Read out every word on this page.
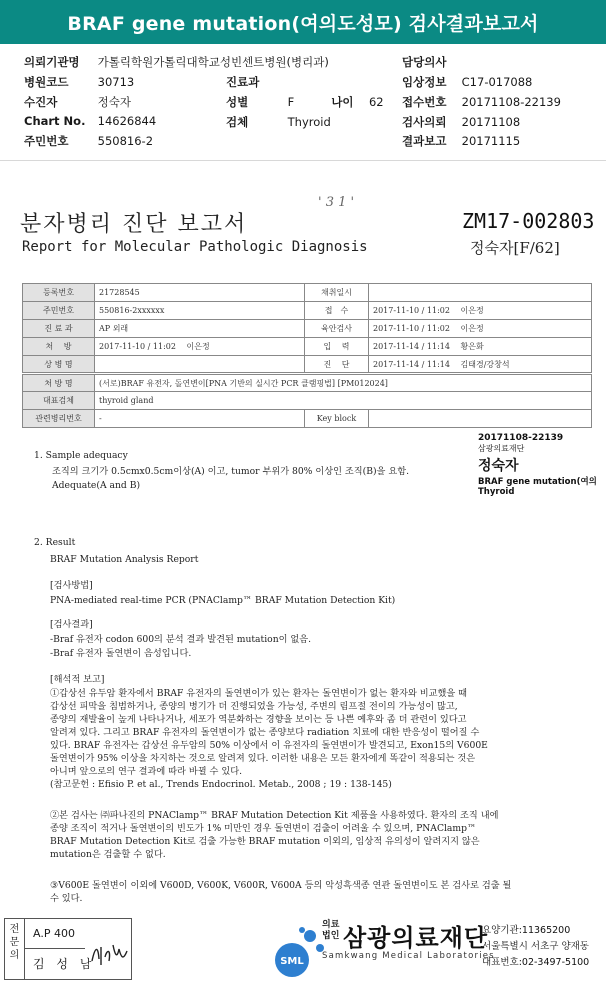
BRAF gene mutation(여의도성모) 검사결과보고서
의뢰기관명 가톨릭학원가톨릭대학교성빈센트병원(병리과)	담당의사
병원코드	30713	진료과	임상정보 C17-017088
수진자	정숙자	성별	F	나이 62 접수번호 20171108-22139
Chart No. 14626844	검체	Thyroid	검사의뢰 20171108
주민번호	550816-2	결과보고 20171115
분자병리 진단 보고서
' 3 1 '
Report for Molecular Pathologic Diagnosis
ZM17-002803
정숙자[F/62]
등록번호	21728545	채취일시	
주민번호	550816-2xxxxxx	접　수	2017-11-10 / 11:02　 이은정
진 료 과	AP 외래	육안검사	2017-11-10 / 11:02　 이은정
처　 방	2017-11-10 / 11:02　 이은정	입　 력	2017-11-14 / 11:14　 황은화
상 병 명		진　 단	2017-11-14 / 11:14　 김태경/강창석
처 방 명	(서로)BRAF 유전자, 돌연변이[PNA 기반의 실시간 PCR 클램핑법] [PM012024]		
대표검체	thyroid gland		
관련병리번호	-	Key block	
1. Sample adequacy
조직의 크기가 0.5cmx0.5cm이상(A) 이고, tumor 부위가 80% 이상인 조직(B)을 요함.
Adequate(A and B)
20171108-22139
삼광의료재단
정숙자
BRAF gene mutation(여의
Thyroid
2. Result
BRAF Mutation Analysis Report
[검사방법]
PNA-mediated real-time PCR (PNAClamp™ BRAF Mutation Detection Kit)
[검사결과]
-Braf 유전자 codon 600의 분석 결과 발견된 mutation이 없음.
-Braf 유전자 돌연변이 음성입니다.
[해석적 보고]
①갑상선 유두암 환자에서 BRAF 유전자의 돌연변이가 있는 환자는 돌연변이가 없는 환자와 비교했을 때
갑상선 피막을 침범하거나, 종양의 병기가 더 진행되었을 가능성, 주변의 림프절 전이의 가능성이 많고,
종양의 재발율이 높게 나타나거나, 세포가 역분화하는 경향을 보이는 등 나쁜 예후와 좀 더 관련이 있다고
알려져 있다. 그리고 BRAF 유전자의 돌연변이가 없는 종양보다 radiation 치료에 대한 반응성이 떨어질 수
있다. BRAF 유전자는 갑상선 유두암의 50% 이상에서 이 유전자의 돌연변이가 발견되고, Exon15의 V600E
돌연변이가 95% 이상을 차지하는 것으로 알려져 있다. 이러한 내용은 모든 환자에게 똑같이 적용되는 것은
아니며 앞으로의 연구 결과에 따라 바뀔 수 있다.
(참고문헌 : Efisio P. et al., Trends Endocrinol. Metab., 2008 ; 19 : 138-145)
②본 검사는 ㈜파나진의 PNAClamp™ BRAF Mutation Detection Kit 제품을 사용하였다. 환자의 조직 내에
종양 조직이 적거나 돌연변이의 빈도가 1% 미만인 경우 돌연변이 검출이 어려울 수 있으며, PNAClamp™
BRAF Mutation Detection Kit로 검출 가능한 BRAF mutation 이외의, 임상적 유의성이 알려지지 않은
mutation은 검출할 수 없다.
③V600E 돌연변이 이외에 V600D, V600K, V600R, V600A 등의 악성흑색종 연관 돌연변이도 본 검사로 검출 될
수 있다.
전
문
의
A.P 400
김 성 남	SML
의료
법인 삼광의료재단
Samkwang Medical Laboratories
요양기관:11365200
서울특별시 서초구 양재동
대표번호:02-3497-5100
